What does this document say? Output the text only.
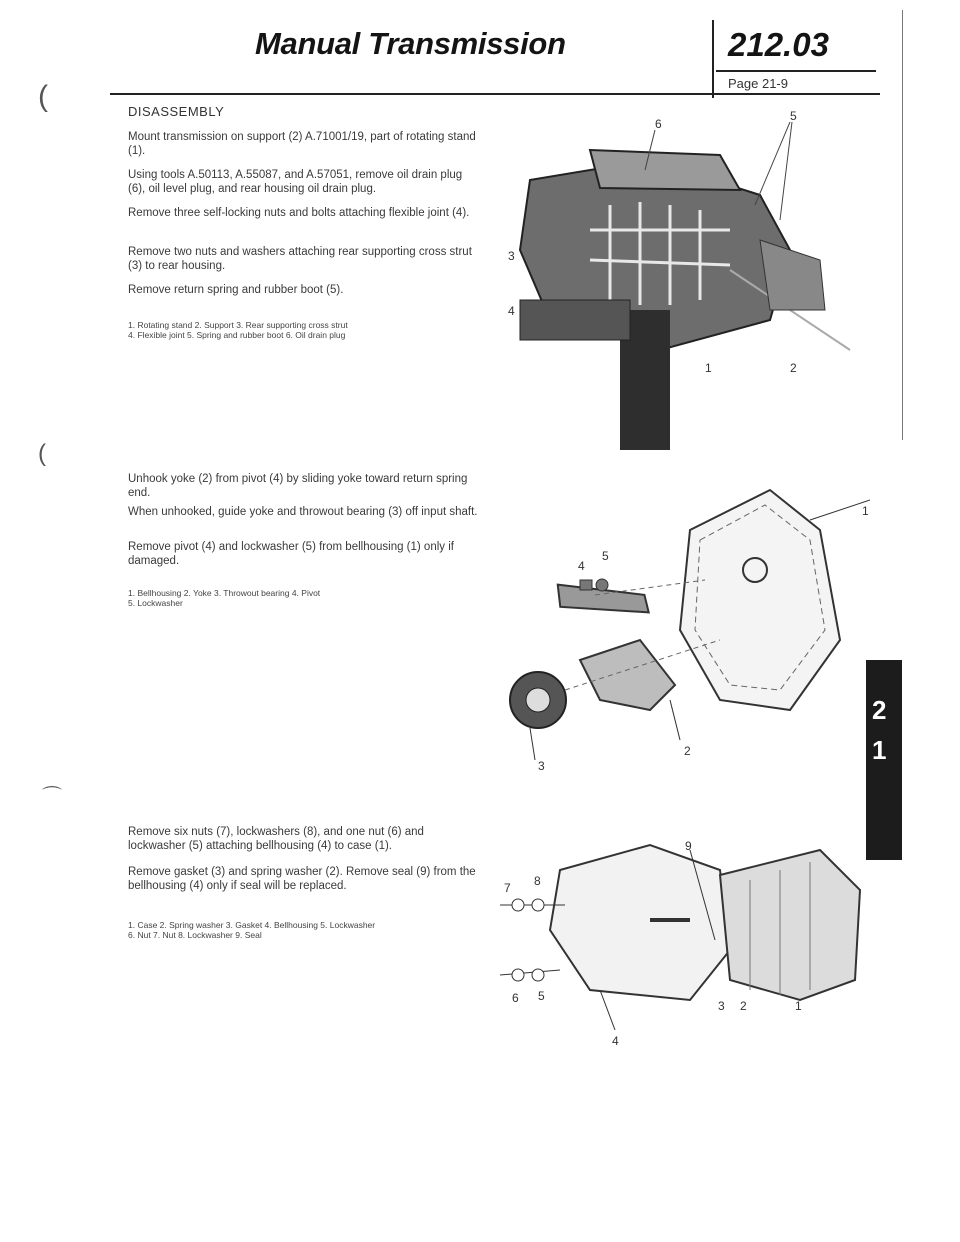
Manual Transmission	212.03
Page 21-9
(
(
⌒
DISASSEMBLY
Mount transmission on support (2) A.71001/19, part of rotating stand (1).
Using tools A.50113, A.55087, and A.57051, remove oil drain plug (6), oil level plug, and rear housing oil drain plug.
Remove three self-locking nuts and bolts attaching flexible joint (4).
Remove two nuts and washers attaching rear supporting cross strut (3) to rear housing.
Remove return spring and rubber boot (5).
1. Rotating stand 2. Support 3. Rear supporting cross strut
4. Flexible joint 5. Spring and rubber boot 6. Oil drain plug
6
5
3
4
1	2
Unhook yoke (2) from pivot (4) by sliding yoke toward return spring end.
When unhooked, guide yoke and throwout bearing (3) off input shaft.
Remove pivot (4) and lockwasher (5) from bellhousing (1) only if damaged.
1. Bellhousing 2. Yoke 3. Throwout bearing 4. Pivot
5. Lockwasher
4
5
1
3
2
Remove six nuts (7), lockwashers (8), and one nut (6) and lockwasher (5) attaching bellhousing (4) to case (1).
Remove gasket (3) and spring washer (2). Remove seal (9) from the bellhousing (4) only if seal will be replaced.
1. Case 2. Spring washer 3. Gasket 4. Bellhousing 5. Lockwasher
6. Nut 7. Nut 8. Lockwasher 9. Seal
9
7 8
6 5
3 2	1
4
2
1
